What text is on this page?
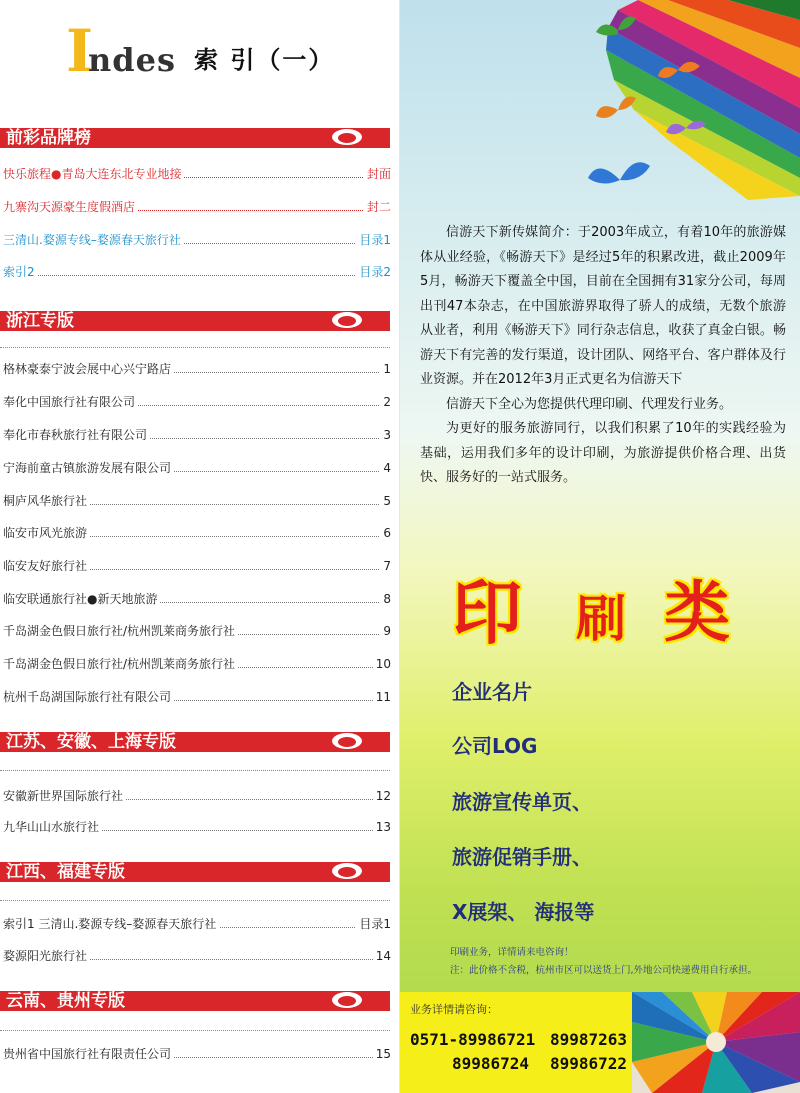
I
ndes 索 引（一）
前彩品牌榜
快乐旅程●青岛大连东北专业地接	封面
九寨沟天源豪生度假酒店	封二
三清山.婺源专线–婺源春天旅行社	目录1
索引2	目录2
浙江专版
格林豪泰宁波会展中心兴宁路店	1
奉化中国旅行社有限公司	2
奉化市春秋旅行社有限公司	3
宁海前童古镇旅游发展有限公司	4
桐庐风华旅行社	5
临安市风光旅游	6
临安友好旅行社	7
临安联通旅行社●新天地旅游	8
千岛湖金色假日旅行社/杭州凯莱商务旅行社	9
千岛湖金色假日旅行社/杭州凯莱商务旅行社	10
杭州千岛湖国际旅行社有限公司	11
江苏、安徽、上海专版
安徽新世界国际旅行社	12
九华山山水旅行社	13
江西、福建专版
索引1 三清山.婺源专线–婺源春天旅行社	目录1
婺源阳光旅行社	14
云南、贵州专版
贵州省中国旅行社有限责任公司	15

信游天下新传媒简介：于2003年成立，有着10年的旅游媒体从业经验，《畅游天下》是经过5年的积累改进，截止2009年5月，畅游天下覆盖全中国，目前在全国拥有31家分公司，每周出刊47本杂志，在中国旅游界取得了骄人的成绩，无数个旅游从业者，利用《畅游天下》同行杂志信息，收获了真金白银。畅游天下有完善的发行渠道，设计团队、网络平台、客户群体及行业资源。并在2012年3月正式更名为信游天下

信游天下全心为您提供代理印刷、代理发行业务。

为更好的服务旅游同行，以我们积累了10年的实践经验为基础，运用我们多年的设计印刷，为旅游提供价格合理、出货快、服务好的一站式服务。

印 刷 类
企业名片
公司LOG
旅游宣传单页、
旅游促销手册、
X展架、 海报等
印刷业务，详情请来电咨询！
注：此价格不含税，杭州市区可以送货上门,外地公司快递费用自行承担。
业务详情请咨询：
0571-89986721 89987263
89986724 89986722
